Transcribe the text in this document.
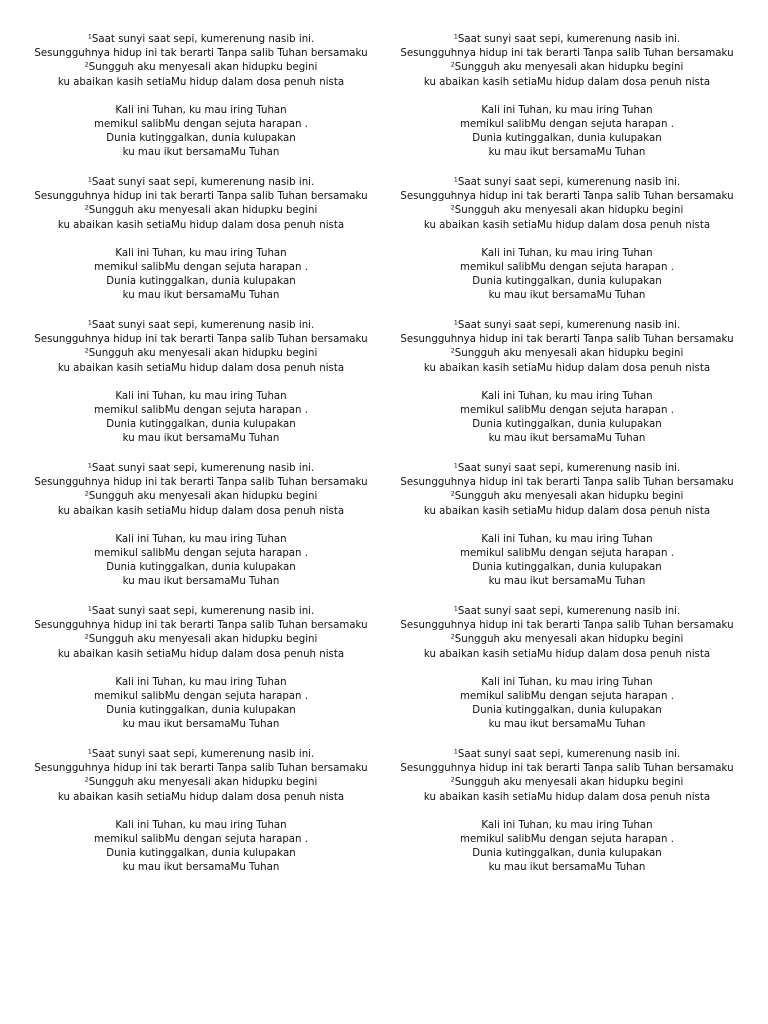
$^1$Saat sunyi saat sepi, kumerenung nasib ini.
Sesungguhnya hidup ini tak berarti Tanpa salib Tuhan bersamaku
$^2$Sungguh aku menyesali akan hidupku begini
ku abaikan kasih setiaMu hidup dalam dosa penuh nista
Kali ini Tuhan, ku mau iring Tuhan
memikul salibMu dengan sejuta harapan .
Dunia kutinggalkan, dunia kulupakan
ku mau ikut bersamaMu Tuhan
$^1$Saat sunyi saat sepi, kumerenung nasib ini.
Sesungguhnya hidup ini tak berarti Tanpa salib Tuhan bersamaku
$^2$Sungguh aku menyesali akan hidupku begini
ku abaikan kasih setiaMu hidup dalam dosa penuh nista
Kali ini Tuhan, ku mau iring Tuhan
memikul salibMu dengan sejuta harapan .
Dunia kutinggalkan, dunia kulupakan
ku mau ikut bersamaMu Tuhan
$^1$Saat sunyi saat sepi, kumerenung nasib ini.
Sesungguhnya hidup ini tak berarti Tanpa salib Tuhan bersamaku
$^2$Sungguh aku menyesali akan hidupku begini
ku abaikan kasih setiaMu hidup dalam dosa penuh nista
Kali ini Tuhan, ku mau iring Tuhan
memikul salibMu dengan sejuta harapan .
Dunia kutinggalkan, dunia kulupakan
ku mau ikut bersamaMu Tuhan
$^1$Saat sunyi saat sepi, kumerenung nasib ini.
Sesungguhnya hidup ini tak berarti Tanpa salib Tuhan bersamaku
$^2$Sungguh aku menyesali akan hidupku begini
ku abaikan kasih setiaMu hidup dalam dosa penuh nista
Kali ini Tuhan, ku mau iring Tuhan
memikul salibMu dengan sejuta harapan .
Dunia kutinggalkan, dunia kulupakan
ku mau ikut bersamaMu Tuhan
$^1$Saat sunyi saat sepi, kumerenung nasib ini.
Sesungguhnya hidup ini tak berarti Tanpa salib Tuhan bersamaku
$^2$Sungguh aku menyesali akan hidupku begini
ku abaikan kasih setiaMu hidup dalam dosa penuh nista
Kali ini Tuhan, ku mau iring Tuhan
memikul salibMu dengan sejuta harapan .
Dunia kutinggalkan, dunia kulupakan
ku mau ikut bersamaMu Tuhan
$^1$Saat sunyi saat sepi, kumerenung nasib ini.
Sesungguhnya hidup ini tak berarti Tanpa salib Tuhan bersamaku
$^2$Sungguh aku menyesali akan hidupku begini
ku abaikan kasih setiaMu hidup dalam dosa penuh nista
Kali ini Tuhan, ku mau iring Tuhan
memikul salibMu dengan sejuta harapan .
Dunia kutinggalkan, dunia kulupakan
ku mau ikut bersamaMu Tuhan
$^1$Saat sunyi saat sepi, kumerenung nasib ini.
Sesungguhnya hidup ini tak berarti Tanpa salib Tuhan bersamaku
$^2$Sungguh aku menyesali akan hidupku begini
ku abaikan kasih setiaMu hidup dalam dosa penuh nista
Kali ini Tuhan, ku mau iring Tuhan
memikul salibMu dengan sejuta harapan .
Dunia kutinggalkan, dunia kulupakan
ku mau ikut bersamaMu Tuhan
$^1$Saat sunyi saat sepi, kumerenung nasib ini.
Sesungguhnya hidup ini tak berarti Tanpa salib Tuhan bersamaku
$^2$Sungguh aku menyesali akan hidupku begini
ku abaikan kasih setiaMu hidup dalam dosa penuh nista
Kali ini Tuhan, ku mau iring Tuhan
memikul salibMu dengan sejuta harapan .
Dunia kutinggalkan, dunia kulupakan
ku mau ikut bersamaMu Tuhan
$^1$Saat sunyi saat sepi, kumerenung nasib ini.
Sesungguhnya hidup ini tak berarti Tanpa salib Tuhan bersamaku
$^2$Sungguh aku menyesali akan hidupku begini
ku abaikan kasih setiaMu hidup dalam dosa penuh nista
Kali ini Tuhan, ku mau iring Tuhan
memikul salibMu dengan sejuta harapan .
Dunia kutinggalkan, dunia kulupakan
ku mau ikut bersamaMu Tuhan
$^1$Saat sunyi saat sepi, kumerenung nasib ini.
Sesungguhnya hidup ini tak berarti Tanpa salib Tuhan bersamaku
$^2$Sungguh aku menyesali akan hidupku begini
ku abaikan kasih setiaMu hidup dalam dosa penuh nista
Kali ini Tuhan, ku mau iring Tuhan
memikul salibMu dengan sejuta harapan .
Dunia kutinggalkan, dunia kulupakan
ku mau ikut bersamaMu Tuhan
$^1$Saat sunyi saat sepi, kumerenung nasib ini.
Sesungguhnya hidup ini tak berarti Tanpa salib Tuhan bersamaku
$^2$Sungguh aku menyesali akan hidupku begini
ku abaikan kasih setiaMu hidup dalam dosa penuh nista
Kali ini Tuhan, ku mau iring Tuhan
memikul salibMu dengan sejuta harapan .
Dunia kutinggalkan, dunia kulupakan
ku mau ikut bersamaMu Tuhan
$^1$Saat sunyi saat sepi, kumerenung nasib ini.
Sesungguhnya hidup ini tak berarti Tanpa salib Tuhan bersamaku
$^2$Sungguh aku menyesali akan hidupku begini
ku abaikan kasih setiaMu hidup dalam dosa penuh nista
Kali ini Tuhan, ku mau iring Tuhan
memikul salibMu dengan sejuta harapan .
Dunia kutinggalkan, dunia kulupakan
ku mau ikut bersamaMu Tuhan
